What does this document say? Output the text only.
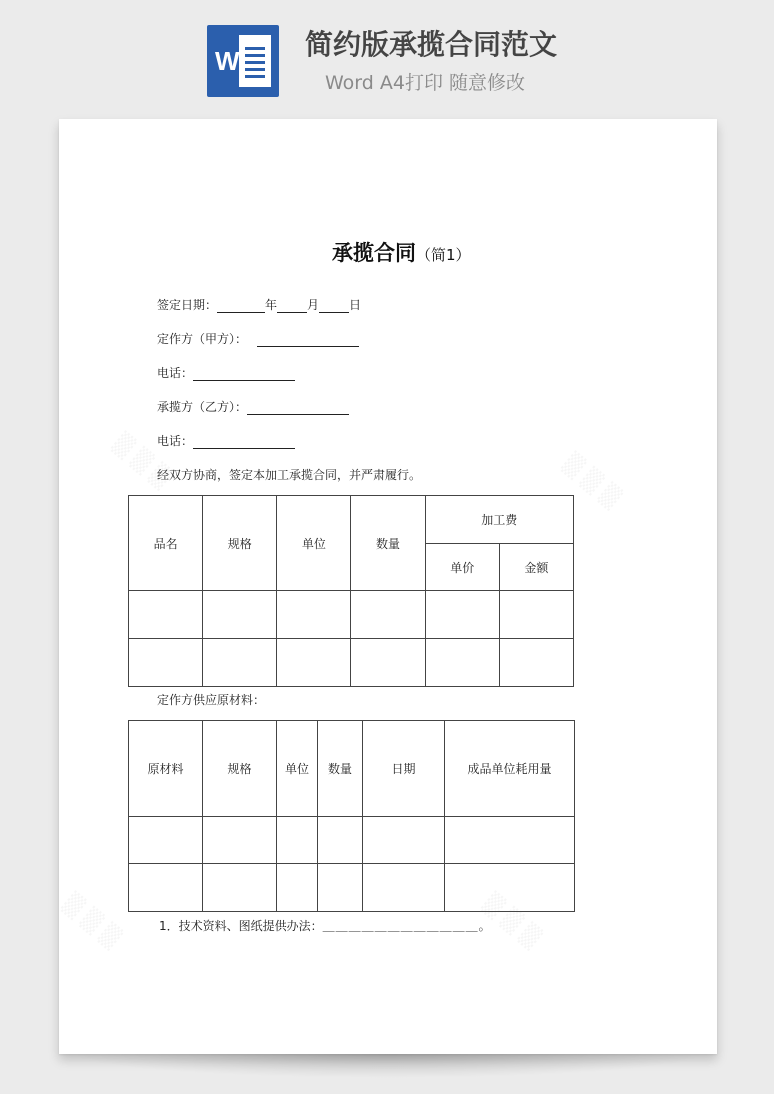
W 简约版承揽合同范文
Word A4打印 随意修改
承揽合同（简1）
签定日期：	年	月	日
定作方（甲方）：
电话：
承揽方（乙方）：
电话：
经双方协商，签定本加工承揽合同，并严肃履行。
品名	规格	单位	数量	加工费	
				单价	金额

定作方供应原材料：
原材料	规格	单位	数量	日期	成品单位耗用量

1．技术资料、图纸提供办法：＿＿＿＿＿＿＿＿＿＿＿＿。
